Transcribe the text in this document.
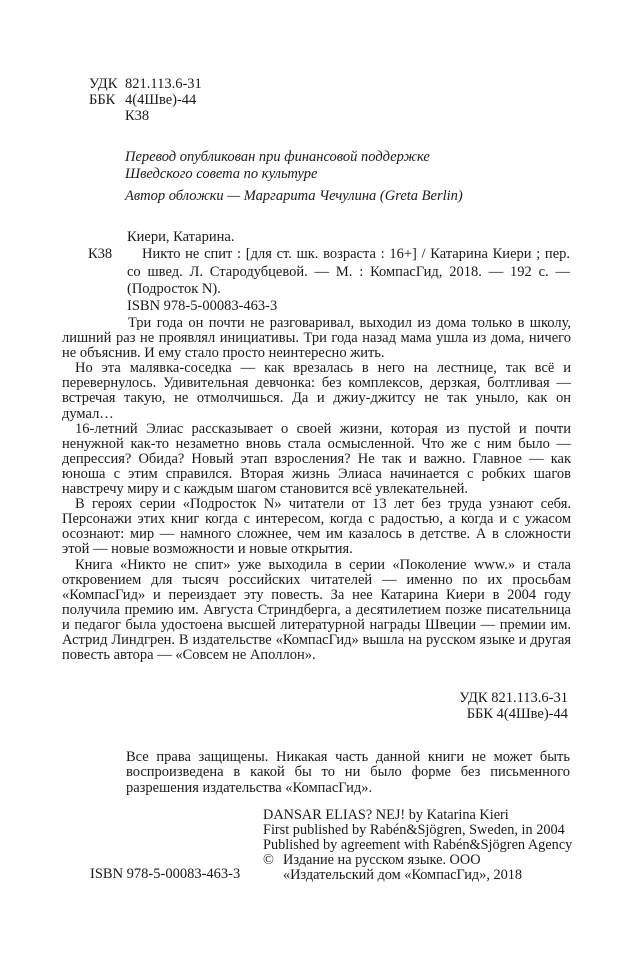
УДК 821.113.6-31
ББК 4(4Шве)-44
К38
Перевод опубликован при финансовой поддержке
Шведского совета по культуре
Автор обложки — Маргарита Чечулина (Greta Berlin)
Киери, Катарина.
К38	Никто не спит : [для ст. шк. возраста : 16+] / Катарина Киери ; пер. со швед. Л. Стародубцевой. — М. : КомпасГид, 2018. — 192 с. — (Подросток N).

ISBN 978-5-00083-463-3

Три года он почти не разговаривал, выходил из дома только в школу, лишний раз не проявлял инициативы. Три года назад мама ушла из дома, ничего не объяснив. И ему стало просто неинтересно жить.

Но эта малявка-соседка — как врезалась в него на лестнице, так всё и перевернулось. Удивительная девчонка: без комплексов, дерзкая, болтливая — встречая такую, не отмолчишься. Да и джиу-джитсу не так уныло, как он думал…

16-летний Элиас рассказывает о своей жизни, которая из пустой и почти ненужной как-то незаметно вновь стала осмысленной. Что же с ним было — депрессия? Обида? Новый этап взросления? Не так и важно. Главное — как юноша с этим справился. Вторая жизнь Элиаса начинается с робких шагов навстречу миру и с каждым шагом становится всё увлекательней.

В героях серии «Подросток N» читатели от 13 лет без труда узнают себя. Персонажи этих книг когда с интересом, когда с радостью, а когда и с ужасом осознают: мир — намного сложнее, чем им казалось в детстве. А в сложности этой — новые возможности и новые открытия.

Книга «Никто не спит» уже выходила в серии «Поколение www.» и стала откровением для тысяч российских читателей — именно по их просьбам «КомпасГид» и переиздает эту повесть. За нее Катарина Киери в 2004 году получила премию им. Августа Стриндберга, а десятилетием позже писательница и педагог была удостоена высшей литературной награды Швеции — премии им. Астрид Линдгрен. В издательстве «КомпасГид» вышла на русском языке и другая повесть автора — «Совсем не Аполлон».

УДК 821.113.6-31
ББК 4(4Шве)-44

Все права защищены. Никакая часть данной книги не может быть воспроизведена в какой бы то ни было форме без письменного разрешения издательства «КомпасГид».

DANSAR ELIAS? NEJ! by Katarina Kieri
First published by Rabén&Sjögren, Sweden, in 2004
Published by agreement with Rabén&Sjögren Agency
© Издание на русском языке. ООО «Издательский дом «КомпасГид», 2018
ISBN 978-5-00083-463-3
